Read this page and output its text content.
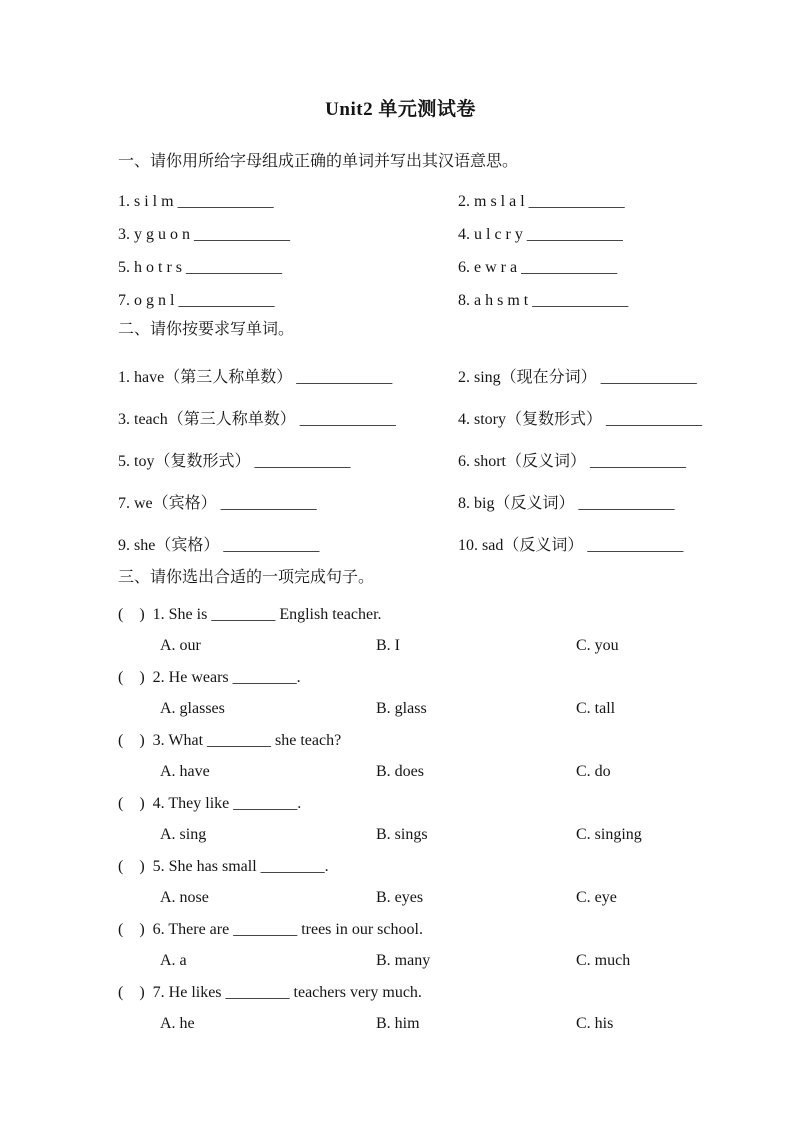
Unit2 单元测试卷
一、请你用所给字母组成正确的单词并写出其汉语意思。
1. s i l m ____________	2. m s l a l ____________
3. y g u o n ____________	4. u l c r y ____________
5. h o t r s ____________	6. e w r a ____________
7. o g n l ____________	8. a h s m t ____________
二、请你按要求写单词。
1. have（第三人称单数） ____________	2. sing（现在分词） ____________
3. teach（第三人称单数） ____________	4. story（复数形式） ____________
5. toy（复数形式） ____________	6. short（反义词） ____________
7. we（宾格） ____________	8. big（反义词） ____________
9. she（宾格） ____________	10. sad（反义词） ____________
三、请你选出合适的一项完成句子。
(    ) 1. She is ________ English teacher.
A. our	B. I	C. you
(    ) 2. He wears ________.
A. glasses	B. glass	C. tall
(    ) 3. What ________ she teach?
A. have	B. does	C. do
(    ) 4. They like ________.
A. sing	B. sings	C. singing
(    ) 5. She has small ________.
A. nose	B. eyes	C. eye
(    ) 6. There are ________ trees in our school.
A. a	B. many	C. much
(    ) 7. He likes ________ teachers very much.
A. he	B. him	C. his
